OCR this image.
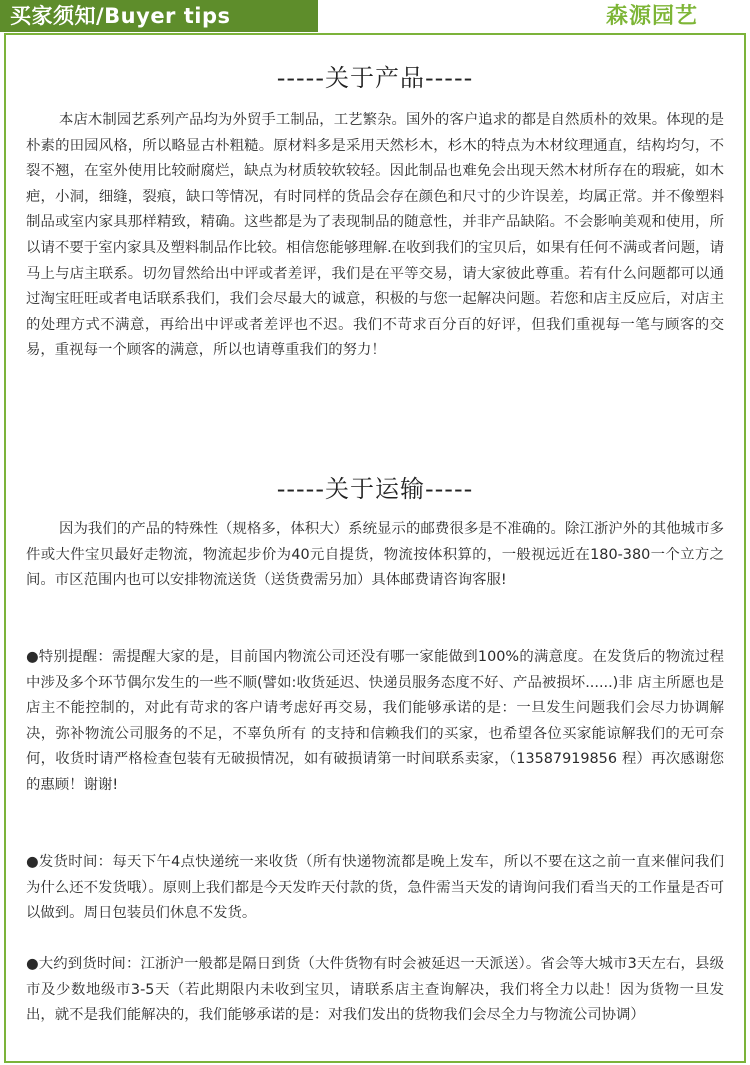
买家须知/Buyer tips	森源园艺
-----关于产品-----

本店木制园艺系列产品均为外贸手工制品，工艺繁杂。国外的客户追求的都是自然质朴的效果。体现的是朴素的田园风格，所以略显古朴粗糙。原材料多是采用天然杉木，杉木的特点为木材纹理通直，结构均匀，不裂不翘，在室外使用比较耐腐烂，缺点为材质较软较轻。因此制品也难免会出现天然木材所存在的瑕疵，如木疤，小洞，细缝，裂痕，缺口等情况，有时同样的货品会存在颜色和尺寸的少许误差，均属正常。并不像塑料制品或室内家具那样精致，精确。这些都是为了表现制品的随意性，并非产品缺陷。不会影响美观和使用，所以请不要于室内家具及塑料制品作比较。相信您能够理解.在收到我们的宝贝后，如果有任何不满或者问题，请马上与店主联系。切勿冒然给出中评或者差评，我们是在平等交易，请大家彼此尊重。若有什么问题都可以通过淘宝旺旺或者电话联系我们，我们会尽最大的诚意，积极的与您一起解决问题。若您和店主反应后，对店主的处理方式不满意，再给出中评或者差评也不迟。我们不苛求百分百的好评，但我们重视每一笔与顾客的交易，重视每一个顾客的满意，所以也请尊重我们的努力！

-----关于运输-----

因为我们的产品的特殊性（规格多，体积大）系统显示的邮费很多是不准确的。除江浙沪外的其他城市多件或大件宝贝最好走物流，物流起步价为40元自提货，物流按体积算的，一般视远近在180-380一个立方之间。市区范围内也可以安排物流送货（送货费需另加）具体邮费请咨询客服!

●特别提醒：需提醒大家的是，目前国内物流公司还没有哪一家能做到100%的满意度。在发货后的物流过程中涉及多个环节偶尔发生的一些不顺(譬如:收货延迟、快递员服务态度不好、产品被损坏......)非 店主所愿也是店主不能控制的，对此有苛求的客户请考虑好再交易，我们能够承诺的是：一旦发生问题我们会尽力协调解决，弥补物流公司服务的不足，不辜负所有 的支持和信赖我们的买家，也希望各位买家能谅解我们的无可奈何，收货时请严格检查包装有无破损情况，如有破损请第一时间联系卖家，（13587919856 程）再次感谢您的惠顾！谢谢!

●发货时间：每天下午4点快递统一来收货（所有快递物流都是晚上发车，所以不要在这之前一直来催问我们为什么还不发货哦）。原则上我们都是今天发昨天付款的货，急件需当天发的请询问我们看当天的工作量是否可以做到。周日包装员们休息不发货。

●大约到货时间：江浙沪一般都是隔日到货（大件货物有时会被延迟一天派送）。省会等大城市3天左右，县级市及少数地级市3-5天（若此期限内未收到宝贝，请联系店主查询解决，我们将全力以赴！因为货物一旦发出，就不是我们能解决的，我们能够承诺的是：对我们发出的货物我们会尽全力与物流公司协调）
